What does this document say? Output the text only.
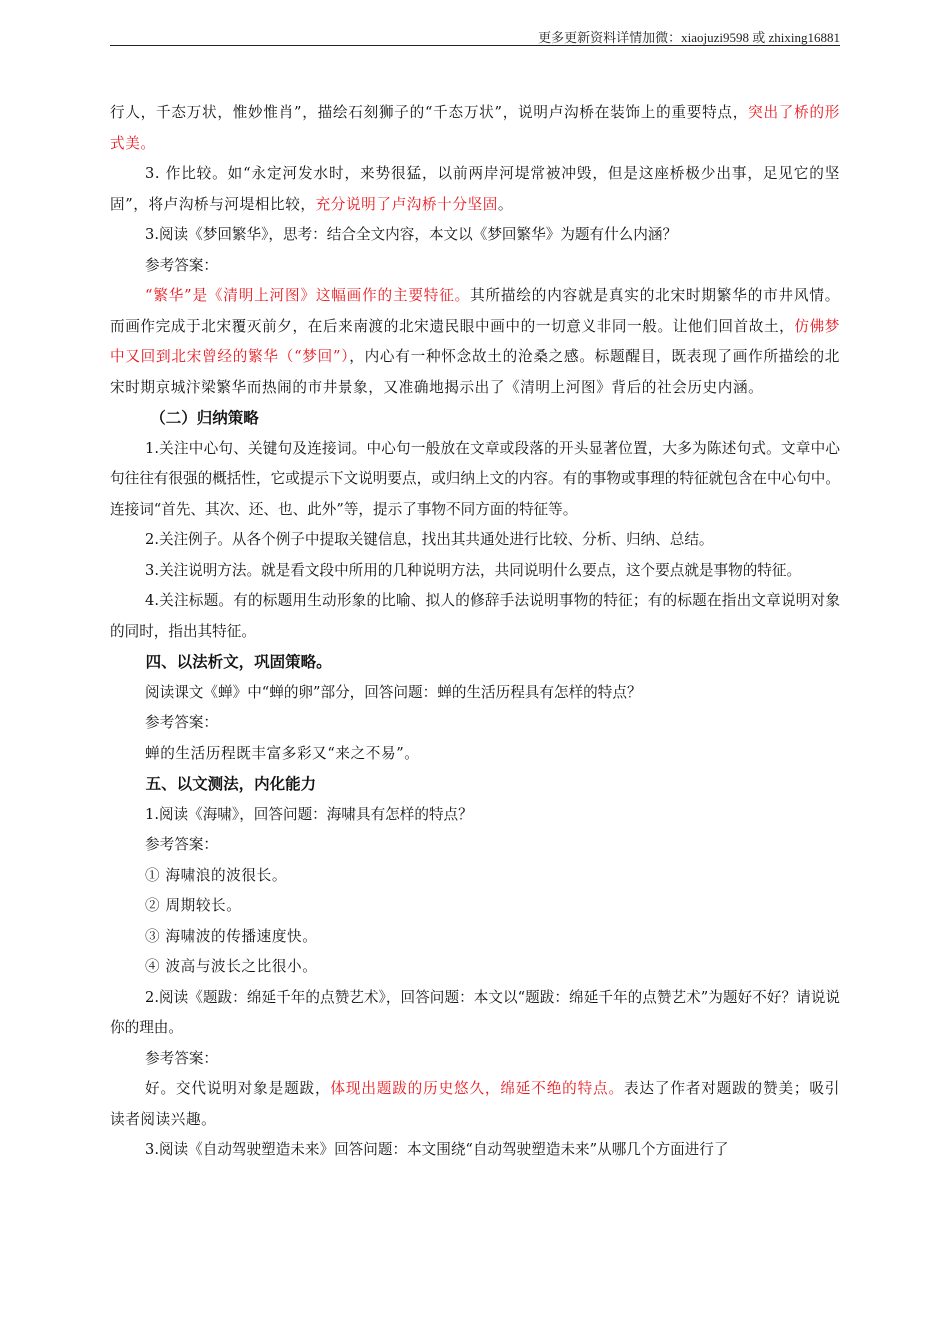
更多更新资料详情加微：xiaojuzi9598 或 zhixing16881

行人，千态万状，惟妙惟肖”，描绘石刻狮子的“千态万状”，说明卢沟桥在装饰上的重要特点，突出了桥的形式美。

3. 作比较。如“永定河发水时，来势很猛，以前两岸河堤常被冲毁，但是这座桥极少出事，足见它的坚固”，将卢沟桥与河堤相比较，充分说明了卢沟桥十分坚固。

3.阅读《梦回繁华》，思考：结合全文内容，本文以《梦回繁华》为题有什么内涵？

参考答案：

“繁华”是《清明上河图》这幅画作的主要特征。其所描绘的内容就是真实的北宋时期繁华的市井风情。而画作完成于北宋覆灭前夕，在后来南渡的北宋遗民眼中画中的一切意义非同一般。让他们回首故土，仿佛梦中又回到北宋曾经的繁华（“梦回”），内心有一种怀念故土的沧桑之感。标题醒目，既表现了画作所描绘的北宋时期京城汴梁繁华而热闹的市井景象，又准确地揭示出了《清明上河图》背后的社会历史内涵。

（二）归纳策略

1.关注中心句、关键句及连接词。中心句一般放在文章或段落的开头显著位置，大多为陈述句式。文章中心句往往有很强的概括性，它或提示下文说明要点，或归纳上文的内容。有的事物或事理的特征就包含在中心句中。连接词“首先、其次、还、也、此外”等，提示了事物不同方面的特征等。

2.关注例子。从各个例子中提取关键信息，找出其共通处进行比较、分析、归纳、总结。

3.关注说明方法。就是看文段中所用的几种说明方法，共同说明什么要点，这个要点就是事物的特征。

4.关注标题。有的标题用生动形象的比喻、拟人的修辞手法说明事物的特征；有的标题在指出文章说明对象的同时，指出其特征。

四、以法析文，巩固策略。

阅读课文《蝉》中“蝉的卵”部分，回答问题：蝉的生活历程具有怎样的特点？

参考答案：

蝉的生活历程既丰富多彩又“来之不易”。

五、以文测法，内化能力

1.阅读《海啸》，回答问题：海啸具有怎样的特点？

参考答案：

① 海啸浪的波很长。

② 周期较长。

③ 海啸波的传播速度快。

④ 波高与波长之比很小。

2.阅读《题跋：绵延千年的点赞艺术》，回答问题：本文以“题跋：绵延千年的点赞艺术”为题好不好？请说说你的理由。

参考答案：

好。交代说明对象是题跋，体现出题跋的历史悠久，绵延不绝的特点。表达了作者对题跋的赞美；吸引读者阅读兴趣。

3.阅读《自动驾驶塑造未来》回答问题：本文围绕“自动驾驶塑造未来”从哪几个方面进行了
